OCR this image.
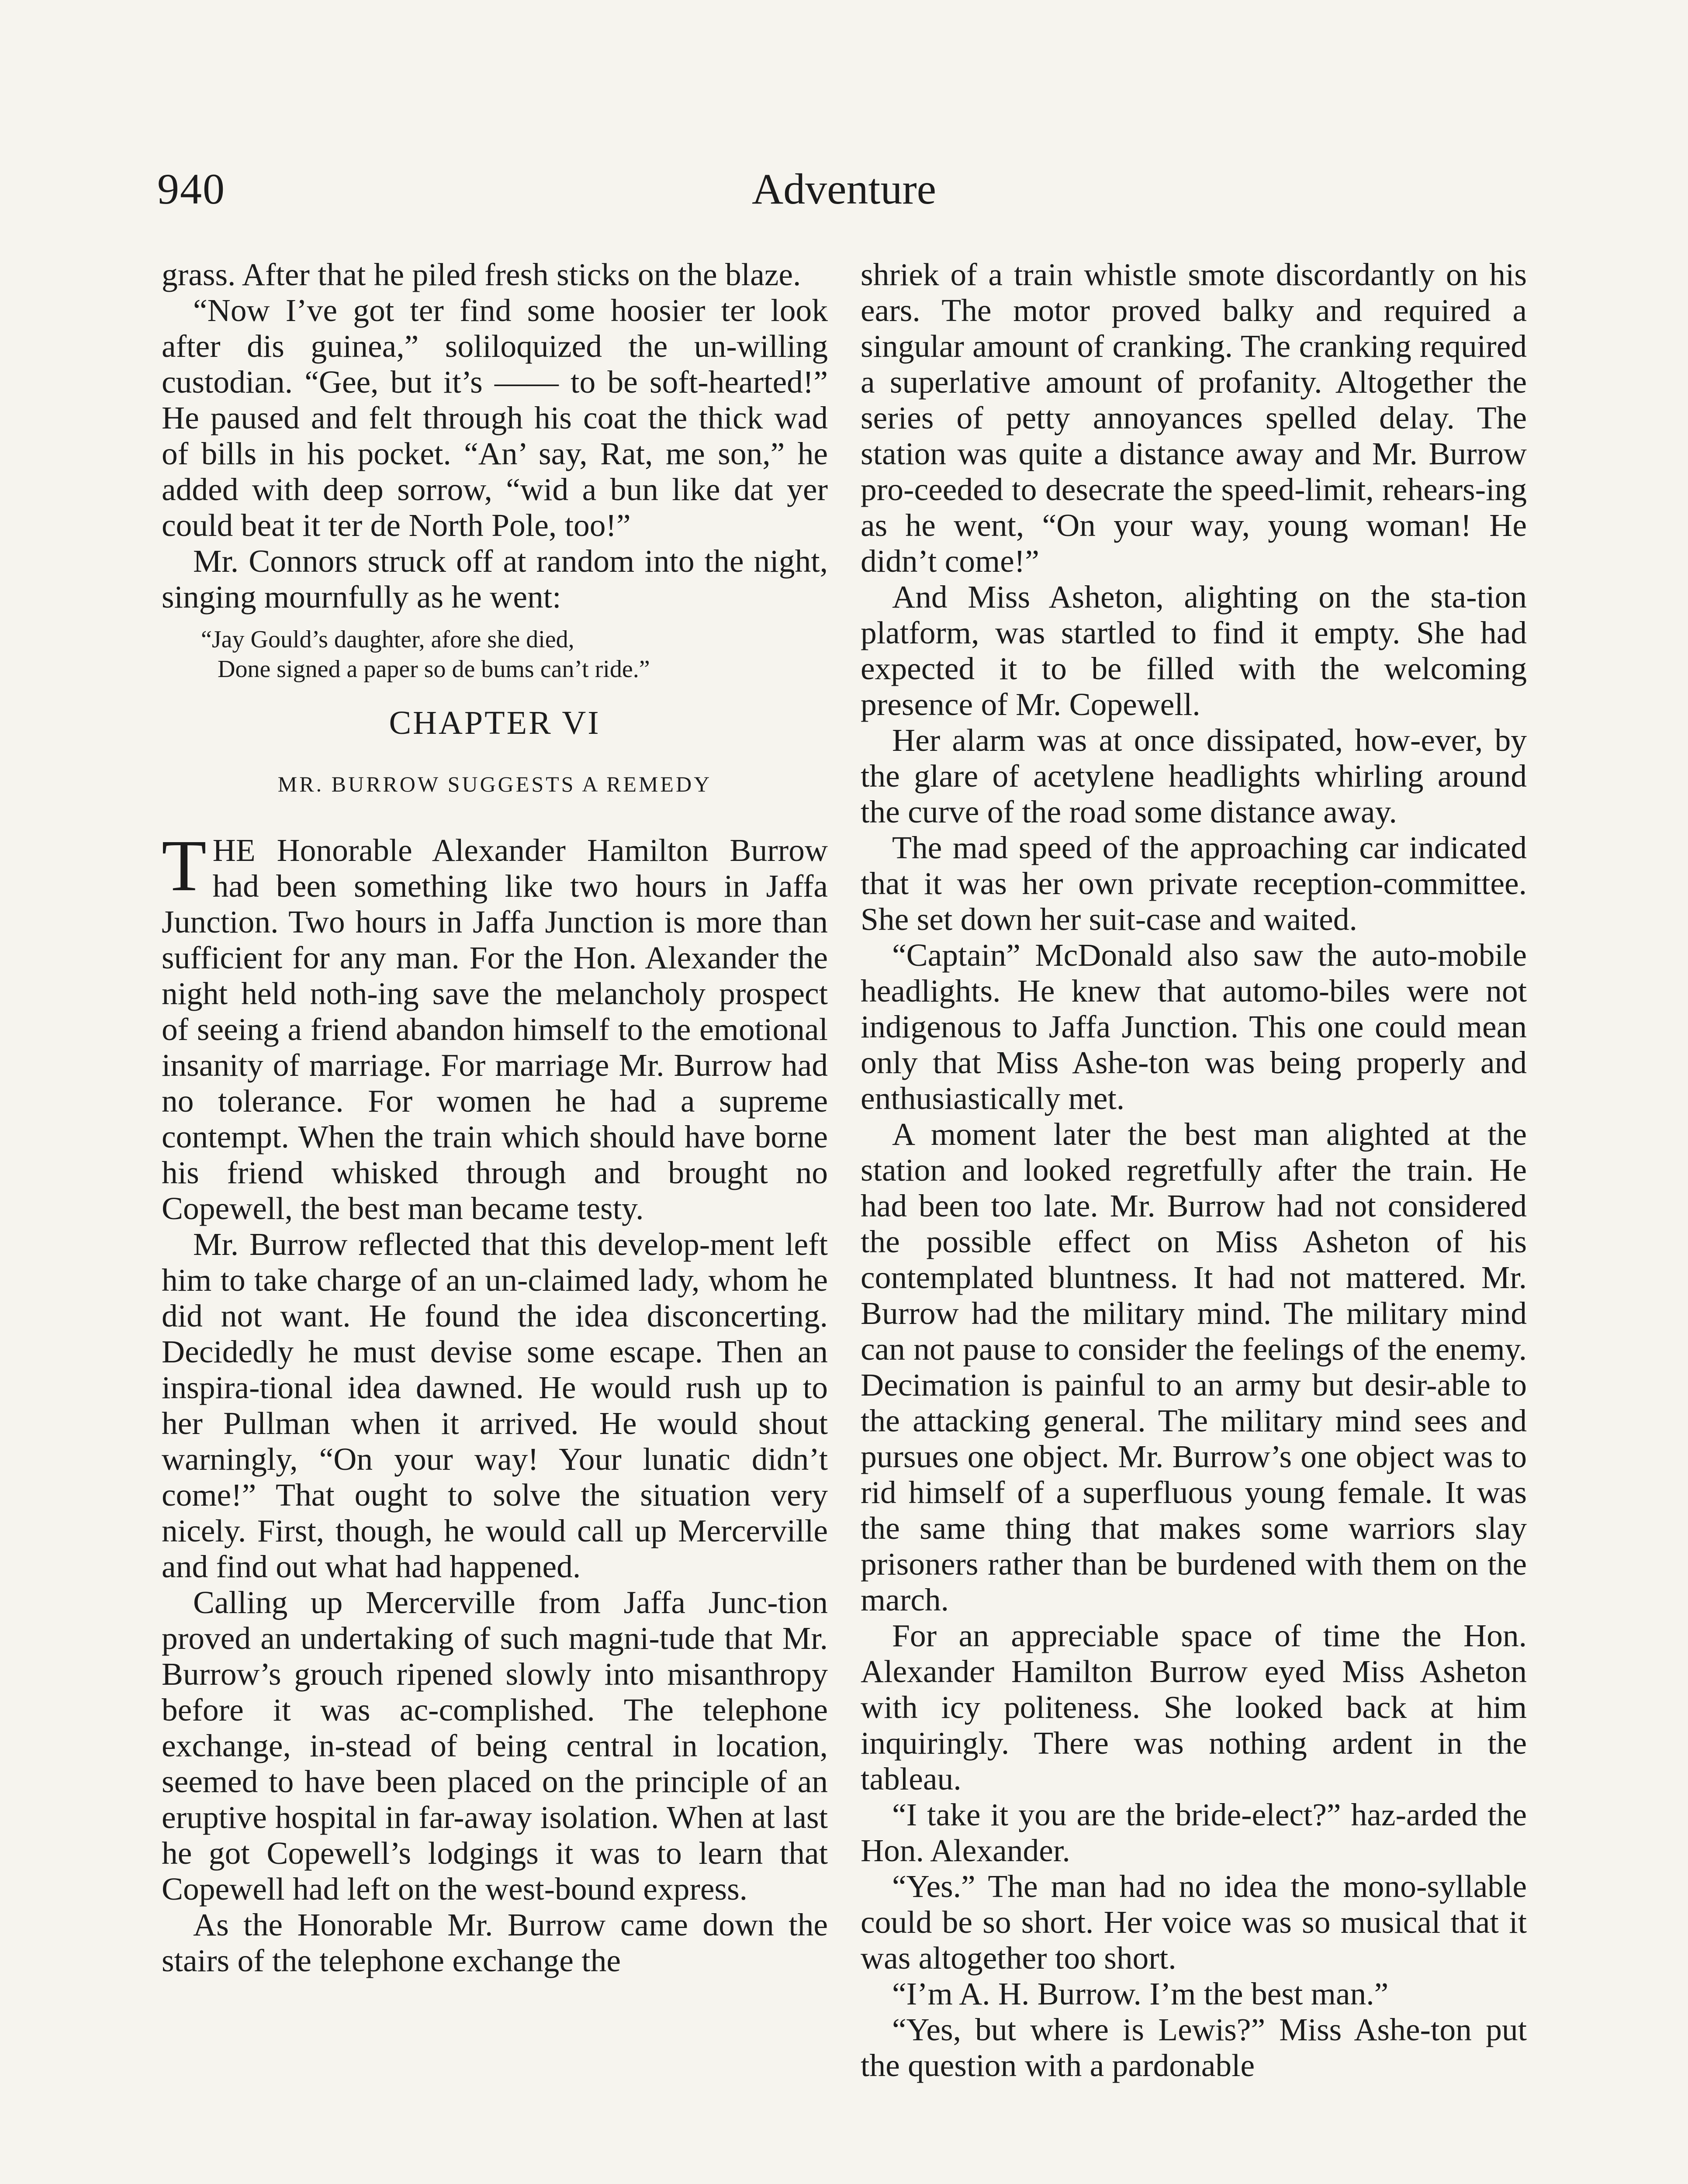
940	Adventure

grass. After that he piled fresh sticks on the blaze.

“Now I’ve got ter find some hoosier ter look after dis guinea,” soliloquized the un-willing custodian. “Gee, but it’s —— to be soft-hearted!” He paused and felt through his coat the thick wad of bills in his pocket. “An’ say, Rat, me son,” he added with deep sorrow, “wid a bun like dat yer could beat it ter de North Pole, too!”

Mr. Connors struck off at random into the night, singing mournfully as he went:

“Jay Gould’s daughter, afore she died,
Done signed a paper so de bums can’t ride.”
CHAPTER VI
MR. BURROW SUGGESTS A REMEDY

THE Honorable Alexander Hamilton Burrow had been something like two hours in Jaffa Junction. Two hours in Jaffa Junction is more than sufficient for any man. For the Hon. Alexander the night held noth-ing save the melancholy prospect of seeing a friend abandon himself to the emotional insanity of marriage. For marriage Mr. Burrow had no tolerance. For women he had a supreme contempt. When the train which should have borne his friend whisked through and brought no Copewell, the best man became testy.

Mr. Burrow reflected that this develop-ment left him to take charge of an un-claimed lady, whom he did not want. He found the idea disconcerting. Decidedly he must devise some escape. Then an inspira-tional idea dawned. He would rush up to her Pullman when it arrived. He would shout warningly, “On your way! Your lunatic didn’t come!” That ought to solve the situation very nicely. First, though, he would call up Mercerville and find out what had happened.

Calling up Mercerville from Jaffa Junc-tion proved an undertaking of such magni-tude that Mr. Burrow’s grouch ripened slowly into misanthropy before it was ac-complished. The telephone exchange, in-stead of being central in location, seemed to have been placed on the principle of an eruptive hospital in far-away isolation. When at last he got Copewell’s lodgings it was to learn that Copewell had left on the west-bound express.

As the Honorable Mr. Burrow came down the stairs of the telephone exchange the

shriek of a train whistle smote discordantly on his ears. The motor proved balky and required a singular amount of cranking. The cranking required a superlative amount of profanity. Altogether the series of petty annoyances spelled delay. The station was quite a distance away and Mr. Burrow pro-ceeded to desecrate the speed-limit, rehears-ing as he went, “On your way, young woman! He didn’t come!”

And Miss Asheton, alighting on the sta-tion platform, was startled to find it empty. She had expected it to be filled with the welcoming presence of Mr. Copewell.

Her alarm was at once dissipated, how-ever, by the glare of acetylene headlights whirling around the curve of the road some distance away.

The mad speed of the approaching car indicated that it was her own private reception-committee. She set down her suit-case and waited.

“Captain” McDonald also saw the auto-mobile headlights. He knew that automo-biles were not indigenous to Jaffa Junction. This one could mean only that Miss Ashe-ton was being properly and enthusiastically met.

A moment later the best man alighted at the station and looked regretfully after the train. He had been too late. Mr. Burrow had not considered the possible effect on Miss Asheton of his contemplated bluntness. It had not mattered. Mr. Burrow had the military mind. The military mind can not pause to consider the feelings of the enemy. Decimation is painful to an army but desir-able to the attacking general. The military mind sees and pursues one object. Mr. Burrow’s one object was to rid himself of a superfluous young female. It was the same thing that makes some warriors slay prisoners rather than be burdened with them on the march.

For an appreciable space of time the Hon. Alexander Hamilton Burrow eyed Miss Asheton with icy politeness. She looked back at him inquiringly. There was nothing ardent in the tableau.

“I take it you are the bride-elect?” haz-arded the Hon. Alexander.

“Yes.” The man had no idea the mono-syllable could be so short. Her voice was so musical that it was altogether too short.

“I’m A. H. Burrow. I’m the best man.”

“Yes, but where is Lewis?” Miss Ashe-ton put the question with a pardonable
